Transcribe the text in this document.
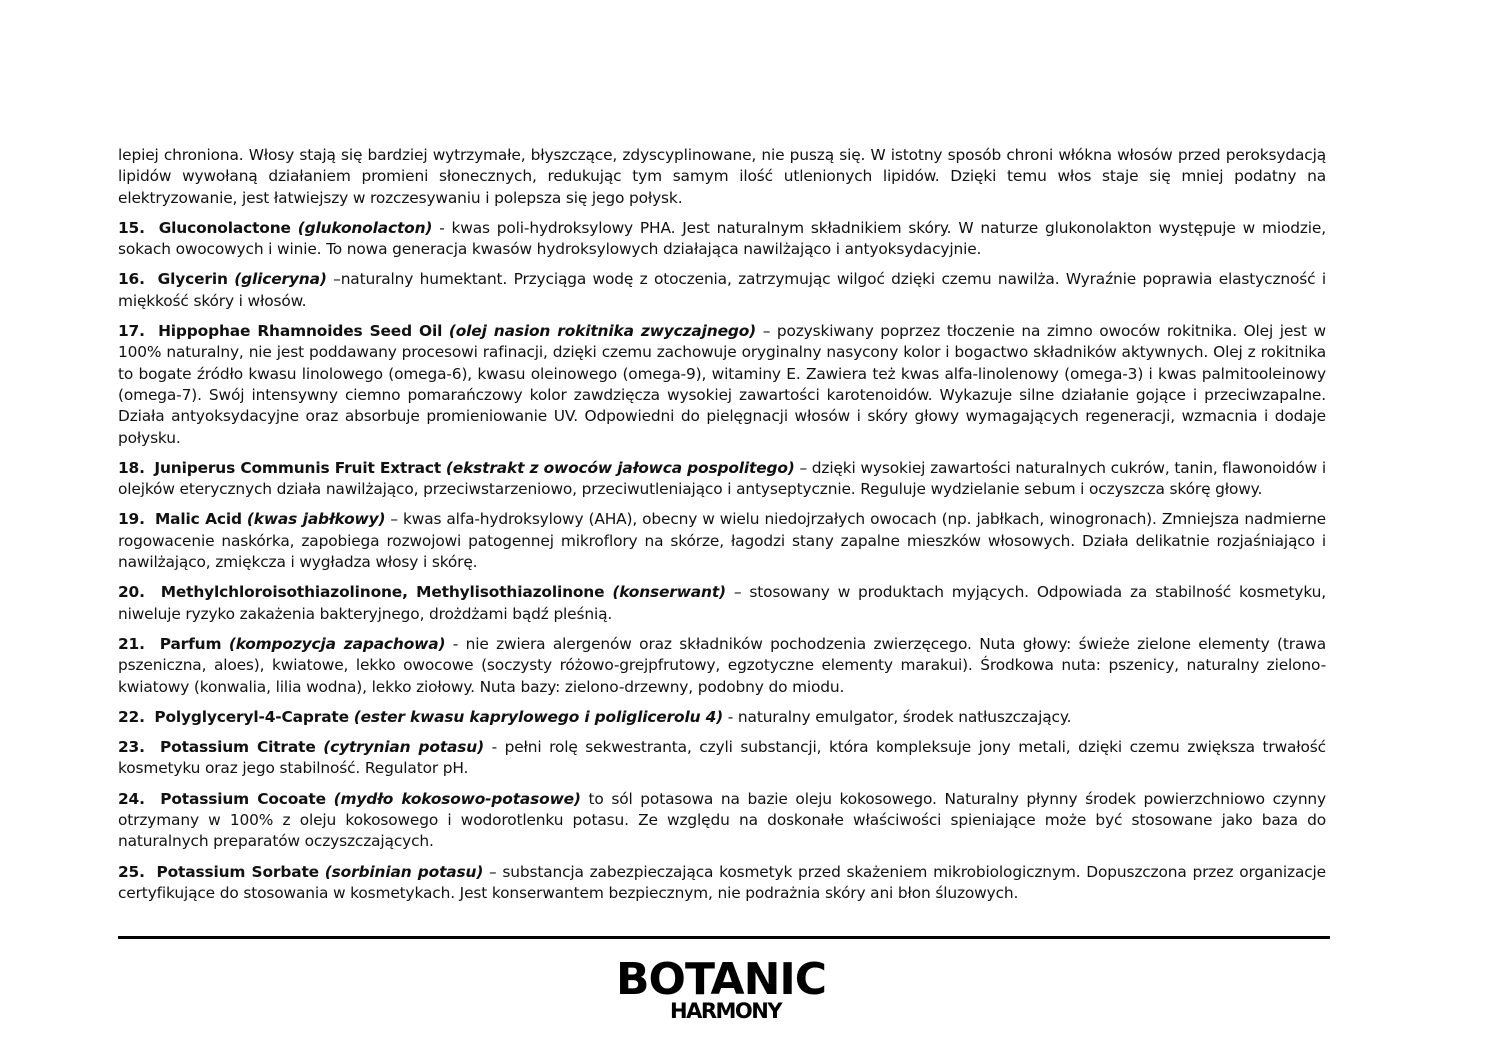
lepiej chroniona. Włosy stają się bardziej wytrzymałe, błyszczące, zdyscyplinowane, nie puszą się. W istotny sposób chroni włókna włosów przed peroksydacją lipidów wywołaną działaniem promieni słonecznych, redukując tym samym ilość utlenionych lipidów. Dzięki temu włos staje się mniej podatny na elektryzowanie, jest łatwiejszy w rozczesywaniu i polepsza się jego połysk.

15. Gluconolactone (glukonolacton) - kwas poli-hydroksylowy PHA. Jest naturalnym składnikiem skóry. W naturze glukonolakton występuje w miodzie, sokach owocowych i winie. To nowa generacja kwasów hydroksylowych działająca nawilżająco i antyoksydacyjnie.

16. Glycerin (gliceryna) –naturalny humektant. Przyciąga wodę z otoczenia, zatrzymując wilgoć dzięki czemu nawilża. Wyraźnie poprawia elastyczność i miękkość skóry i włosów.

17. Hippophae Rhamnoides Seed Oil (olej nasion rokitnika zwyczajnego) – pozyskiwany poprzez tłoczenie na zimno owoców rokitnika. Olej jest w 100% naturalny, nie jest poddawany procesowi rafinacji, dzięki czemu zachowuje oryginalny nasycony kolor i bogactwo składników aktywnych. Olej z rokitnika to bogate źródło kwasu linolowego (omega-6), kwasu oleinowego (omega-9), witaminy E. Zawiera też kwas alfa-linolenowy (omega-3) i kwas palmitooleinowy (omega-7). Swój intensywny ciemno pomarańczowy kolor zawdzięcza wysokiej zawartości karotenoidów. Wykazuje silne działanie gojące i przeciwzapalne. Działa antyoksydacyjne oraz absorbuje promieniowanie UV. Odpowiedni do pielęgnacji włosów i skóry głowy wymagających regeneracji, wzmacnia i dodaje połysku.

18. Juniperus Communis Fruit Extract (ekstrakt z owoców jałowca pospolitego) – dzięki wysokiej zawartości naturalnych cukrów, tanin, flawonoidów i olejków eterycznych działa nawilżająco, przeciwstarzeniowo, przeciwutleniająco i antyseptycznie. Reguluje wydzielanie sebum i oczyszcza skórę głowy.

19. Malic Acid (kwas jabłkowy) – kwas alfa-hydroksylowy (AHA), obecny w wielu niedojrzałych owocach (np. jabłkach, winogronach). Zmniejsza nadmierne rogowacenie naskórka, zapobiega rozwojowi patogennej mikroflory na skórze, łagodzi stany zapalne mieszków włosowych. Działa delikatnie rozjaśniająco i nawilżająco, zmiękcza i wygładza włosy i skórę.

20. Methylchloroisothiazolinone, Methylisothiazolinone (konserwant) – stosowany w produktach myjących. Odpowiada za stabilność kosmetyku, niweluje ryzyko zakażenia bakteryjnego, drożdżami bądź pleśnią.

21. Parfum (kompozycja zapachowa) - nie zwiera alergenów oraz składników pochodzenia zwierzęcego. Nuta głowy: świeże zielone elementy (trawa pszeniczna, aloes), kwiatowe, lekko owocowe (soczysty różowo-grejpfrutowy, egzotyczne elementy marakui). Środkowa nuta: pszenicy, naturalny zielono-kwiatowy (konwalia, lilia wodna), lekko ziołowy. Nuta bazy: zielono-drzewny, podobny do miodu.

22. Polyglyceryl-4-Caprate (ester kwasu kaprylowego i poliglicerolu 4) - naturalny emulgator, środek natłuszczający.

23. Potassium Citrate (cytrynian potasu) - pełni rolę sekwestranta, czyli substancji, która kompleksuje jony metali, dzięki czemu zwiększa trwałość kosmetyku oraz jego stabilność. Regulator pH.

24. Potassium Cocoate (mydło kokosowo-potasowe) to sól potasowa na bazie oleju kokosowego. Naturalny płynny środek powierzchniowo czynny otrzymany w 100% z oleju kokosowego i wodorotlenku potasu. Ze względu na doskonałe właściwości spieniające może być stosowane jako baza do naturalnych preparatów oczyszczających.

25. Potassium Sorbate (sorbinian potasu) – substancja zabezpieczająca kosmetyk przed skażeniem mikrobiologicznym. Dopuszczona przez organizacje certyfikujące do stosowania w kosmetykach. Jest konserwantem bezpiecznym, nie podrażnia skóry ani błon śluzowych.

BOTANIC
HARMONY
